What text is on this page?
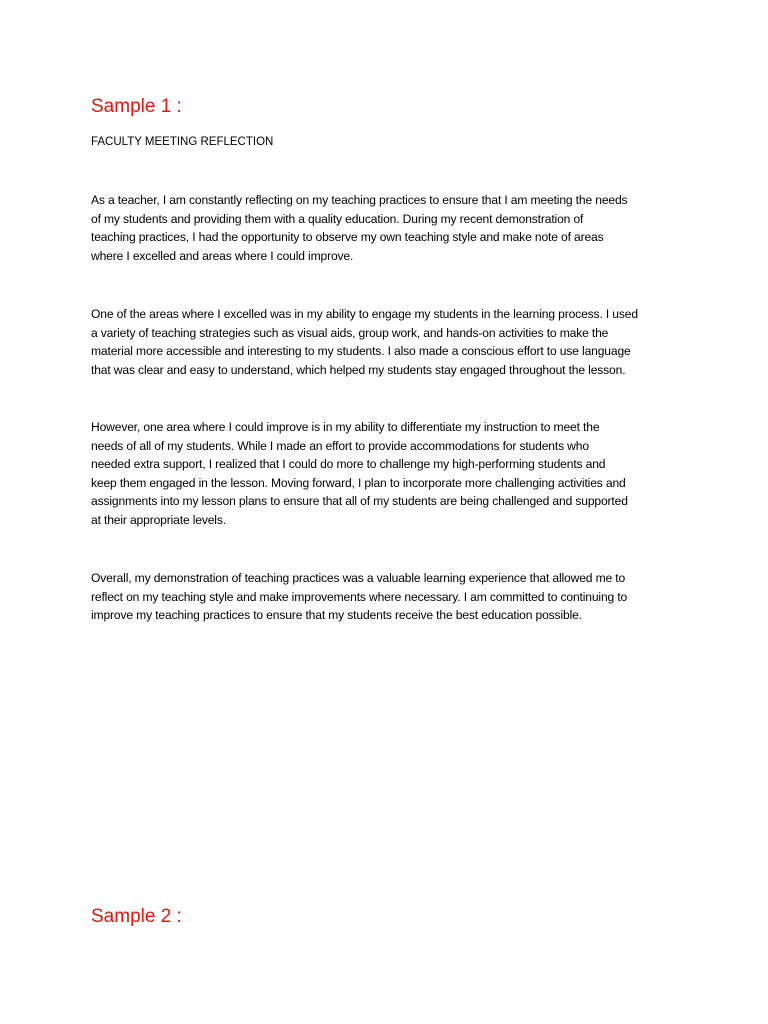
Sample 1 :
FACULTY MEETING REFLECTION

As a teacher, I am constantly reflecting on my teaching practices to ensure that I am meeting the needs
of my students and providing them with a quality education. During my recent demonstration of
teaching practices, I had the opportunity to observe my own teaching style and make note of areas
where I excelled and areas where I could improve.

One of the areas where I excelled was in my ability to engage my students in the learning process. I used
a variety of teaching strategies such as visual aids, group work, and hands-on activities to make the
material more accessible and interesting to my students. I also made a conscious effort to use language
that was clear and easy to understand, which helped my students stay engaged throughout the lesson.

However, one area where I could improve is in my ability to differentiate my instruction to meet the
needs of all of my students. While I made an effort to provide accommodations for students who
needed extra support, I realized that I could do more to challenge my high-performing students and
keep them engaged in the lesson. Moving forward, I plan to incorporate more challenging activities and
assignments into my lesson plans to ensure that all of my students are being challenged and supported
at their appropriate levels.

Overall, my demonstration of teaching practices was a valuable learning experience that allowed me to
reflect on my teaching style and make improvements where necessary. I am committed to continuing to
improve my teaching practices to ensure that my students receive the best education possible.

Sample 2 :
